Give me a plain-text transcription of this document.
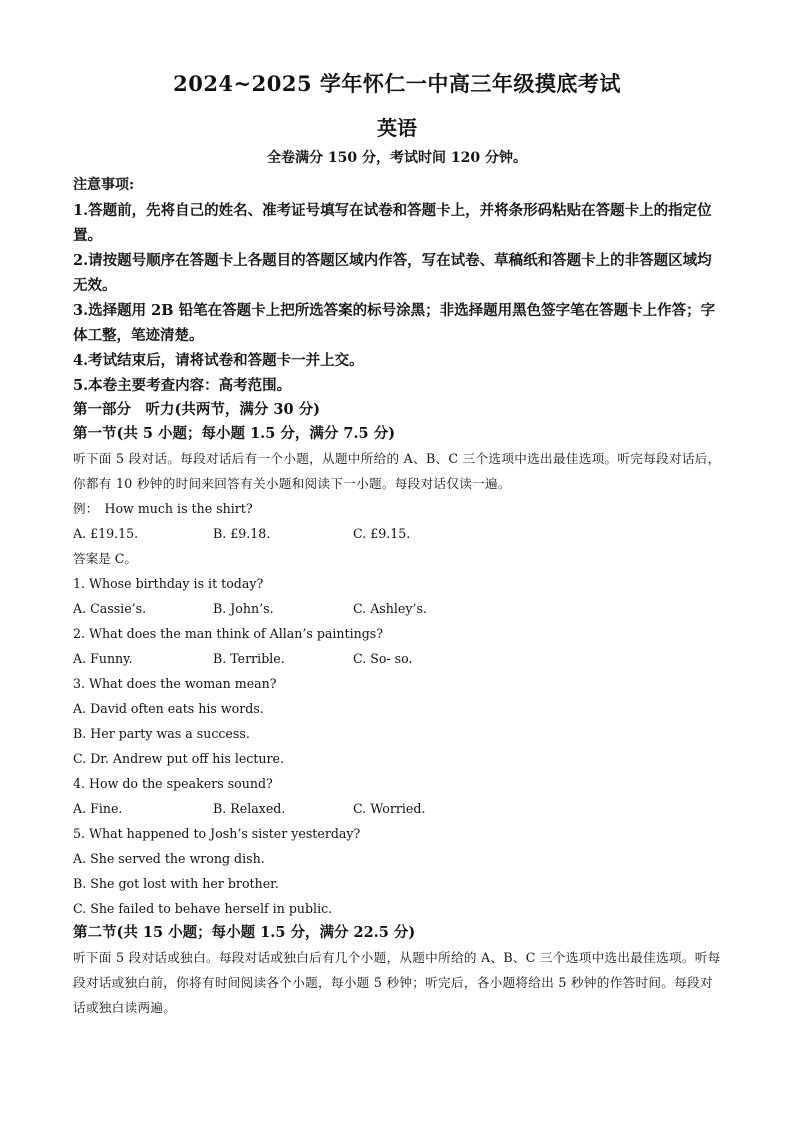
2024~2025 学年怀仁一中高三年级摸底考试
英语
全卷满分 150 分，考试时间 120 分钟。
注意事项:

1.答题前，先将自己的姓名、准考证号填写在试卷和答题卡上，并将条形码粘贴在答题卡上的指定位置。

2.请按题号顺序在答题卡上各题目的答题区域内作答，写在试卷、草稿纸和答题卡上的非答题区域均无效。

3.选择题用 2B 铅笔在答题卡上把所选答案的标号涂黑；非选择题用黑色签字笔在答题卡上作答；字体工整，笔迹清楚。

4.考试结束后，请将试卷和答题卡一并上交。

5.本卷主要考查内容：高考范围。

第一部分　听力(共两节，满分 30 分)

第一节(共 5 小题；每小题 1.5 分，满分 7.5 分)

听下面 5 段对话。每段对话后有一个小题，从题中所给的 A、B、C 三个选项中选出最佳选项。听完每段对话后，你都有 10 秒钟的时间来回答有关小题和阅读下一小题。每段对话仅读一遍。

例：　How much is the shirt?

A. £19.15.	B. £9.18.	C. £9.15.

答案是 C。

1. Whose birthday is it today?

A. Cassie’s.	B. John’s.	C. Ashley’s.

2. What does the man think of Allan’s paintings?

A. Funny.	B. Terrible.	C. So- so.

3. What does the woman mean?

A. David often eats his words.

B. Her party was a success.

C. Dr. Andrew put off his lecture.

4. How do the speakers sound?

A. Fine.	B. Relaxed.	C. Worried.

5. What happened to Josh’s sister yesterday?

A. She served the wrong dish.

B. She got lost with her brother.

C. She failed to behave herself in public.

第二节(共 15 小题；每小题 1.5 分，满分 22.5 分)

听下面 5 段对话或独白。每段对话或独白后有几个小题，从题中所给的 A、B、C 三个选项中选出最佳选项。听每段对话或独白前，你将有时间阅读各个小题，每小题 5 秒钟；听完后，各小题将给出 5 秒钟的作答时间。每段对话或独白读两遍。
